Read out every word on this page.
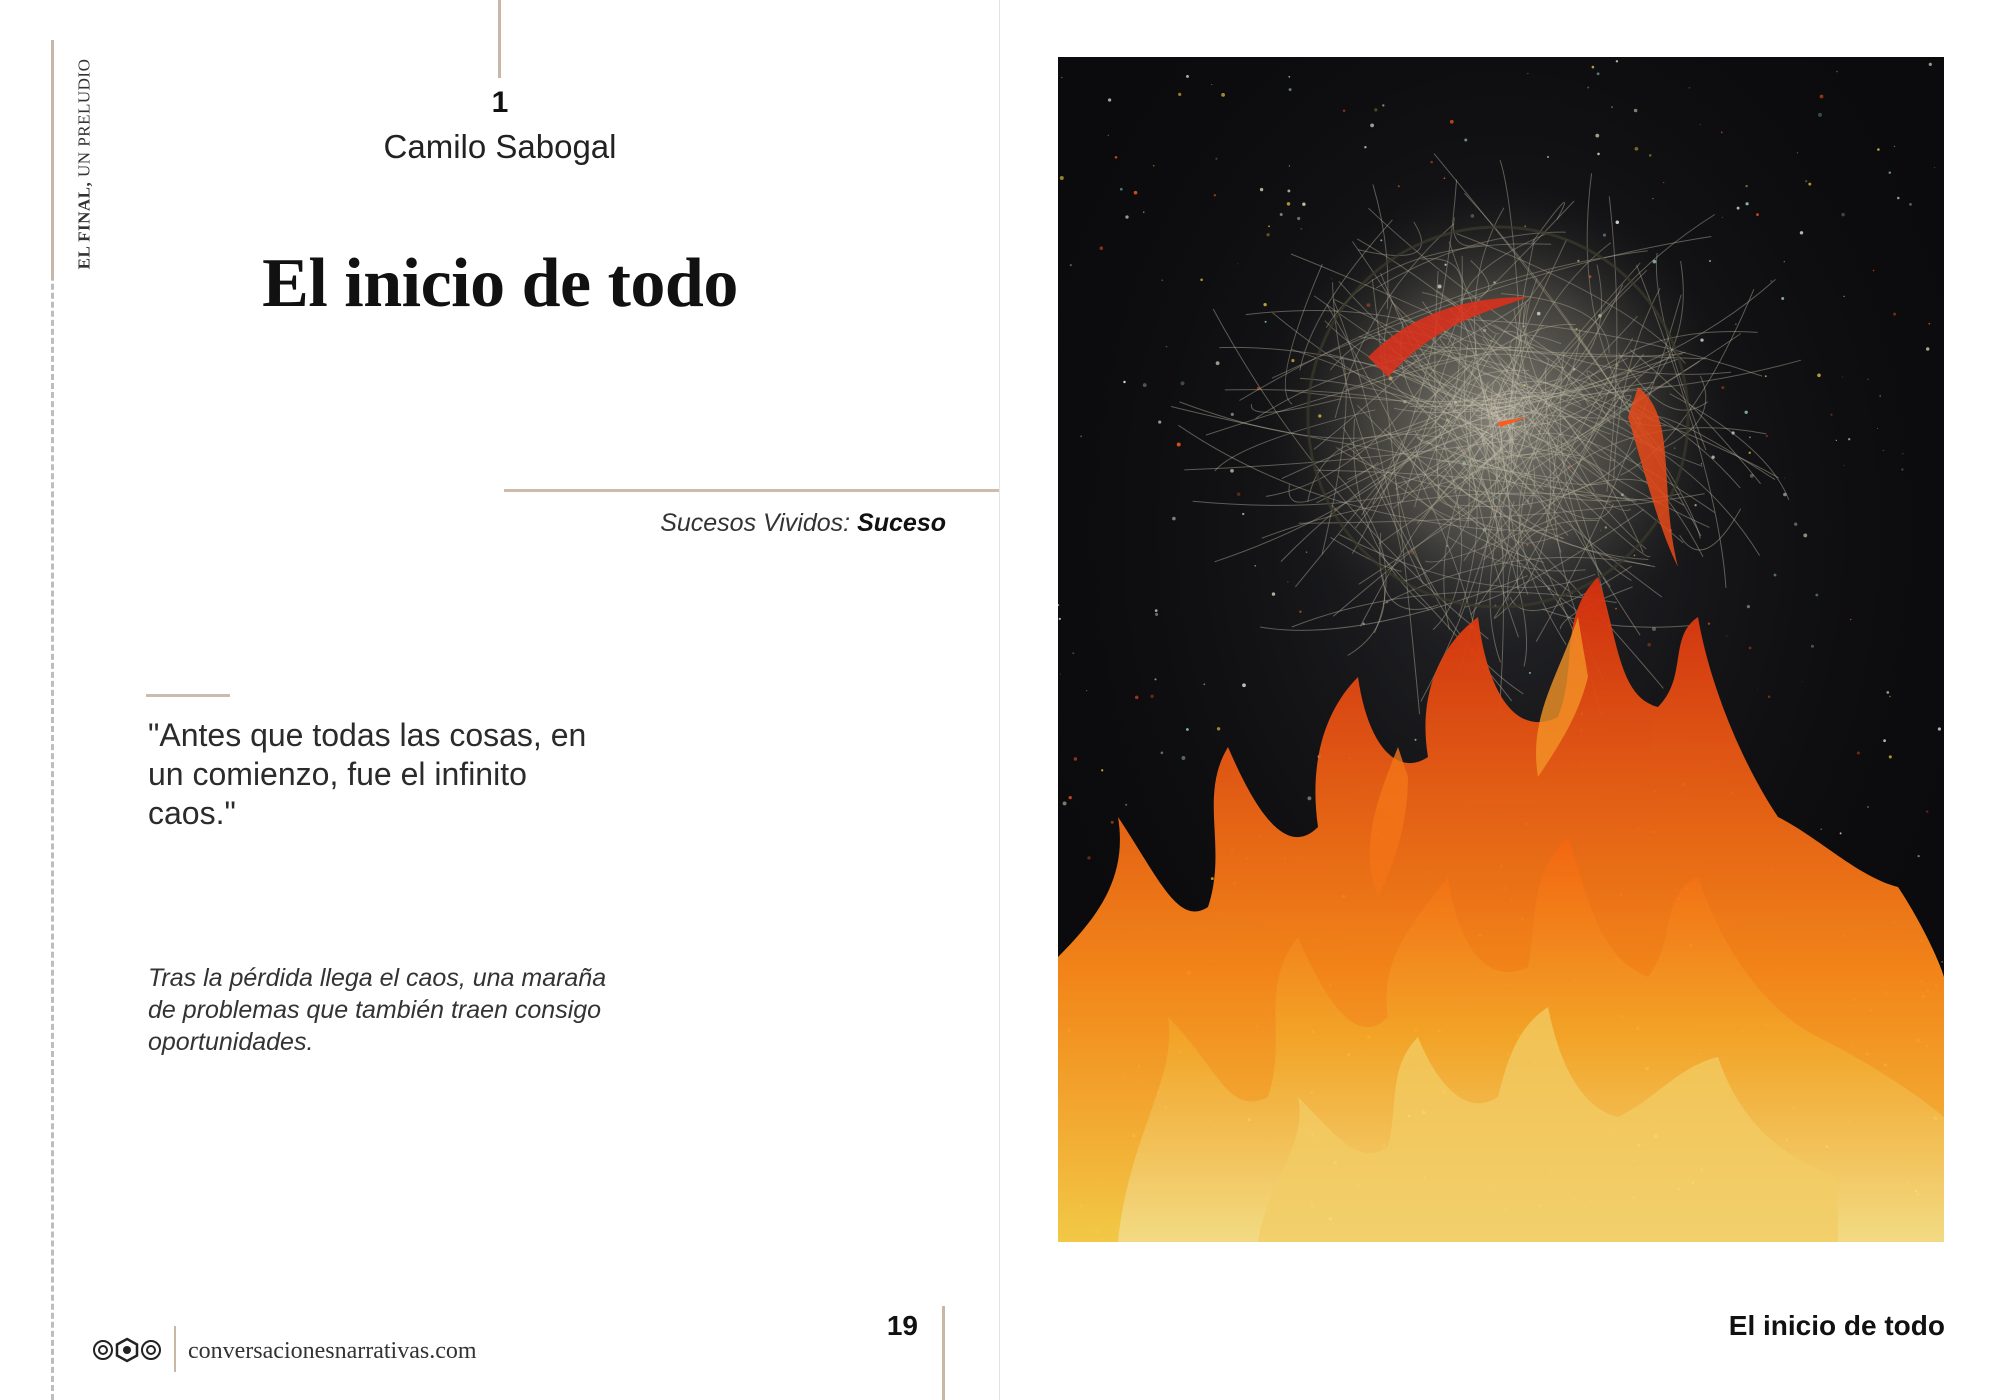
EL FINAL, UN PRELUDIO	1
Camilo Sabogal
El inicio de todo
Sucesos Vividos: Suceso
"Antes que todas las cosas, en un comienzo, fue el infinito caos."
Tras la pérdida llega el caos, una maraña de problemas que también traen consigo oportunidades.
conversacionesnarrativas.com
19	El inicio de todo
